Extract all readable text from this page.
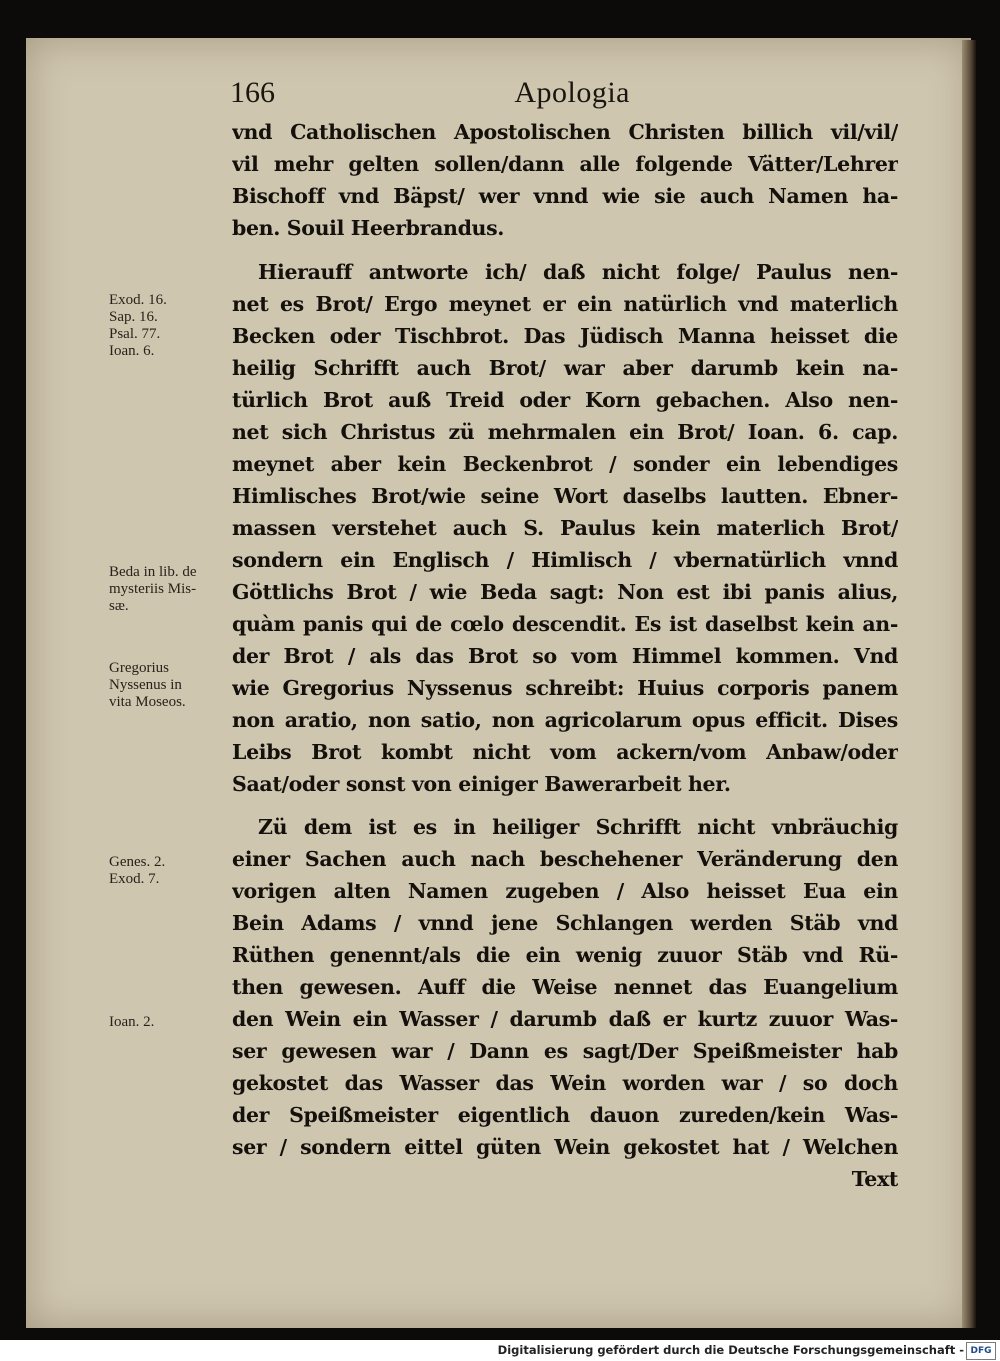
166	Apologia
vnd Catholischen Apostolischen Christen billich vil/vil/
vil mehr gelten sollen/dann alle folgende Vätter/Lehrer
Bischoff vnd Bäpst/ wer vnnd wie sie auch Namen ha-
ben. Souil Heerbrandus.
Hierauff antworte ich/ daß nicht folge/ Paulus nen-
net es Brot/ Ergo meynet er ein natürlich vnd materlich
Becken oder Tischbrot. Das Jüdisch Manna heisset die
heilig Schrifft auch Brot/ war aber darumb kein na-
türlich Brot auß Treid oder Korn gebachen. Also nen-
net sich Christus zü mehrmalen ein Brot/ Ioan. 6. cap.
meynet aber kein Beckenbrot / sonder ein lebendiges
Himlisches Brot/wie seine Wort daselbs lautten. Ebner-
massen verstehet auch S. Paulus kein materlich Brot/
sondern ein Englisch / Himlisch / vbernatürlich vnnd
Göttlichs Brot / wie Beda sagt: Non est ibi panis alius,
quàm panis qui de cœlo descendit. Es ist daselbst kein an-
der Brot / als das Brot so vom Himmel kommen. Vnd
wie Gregorius Nyssenus schreibt: Huius corporis panem
non aratio, non satio, non agricolarum opus efficit. Dises
Leibs Brot kombt nicht vom ackern/vom Anbaw/oder
Saat/oder sonst von einiger Bawerarbeit her.
Zü dem ist es in heiliger Schrifft nicht vnbräuchig
einer Sachen auch nach beschehener Veränderung den
vorigen alten Namen zugeben / Also heisset Eua ein
Bein Adams / vnnd jene Schlangen werden Stäb vnd
Rüthen genennt/als die ein wenig zuuor Stäb vnd Rü-
then gewesen. Auff die Weise nennet das Euangelium
den Wein ein Wasser / darumb daß er kurtz zuuor Was-
ser gewesen war / Dann es sagt/Der Speißmeister hab
gekostet das Wasser das Wein worden war / so doch
der Speißmeister eigentlich dauon zureden/kein Was-
ser / sondern eittel güten Wein gekostet hat / Welchen
Text
Exod. 16.
Sap. 16.
Psal. 77.
Ioan. 6.
Beda in lib. de
mysteriis Mis-
sæ.
Gregorius
Nyssenus in
vita Moseos.
Genes. 2.
Exod. 7.
Ioan. 2.
Digitalisierung gefördert durch die Deutsche Forschungsgemeinschaft - DFG
